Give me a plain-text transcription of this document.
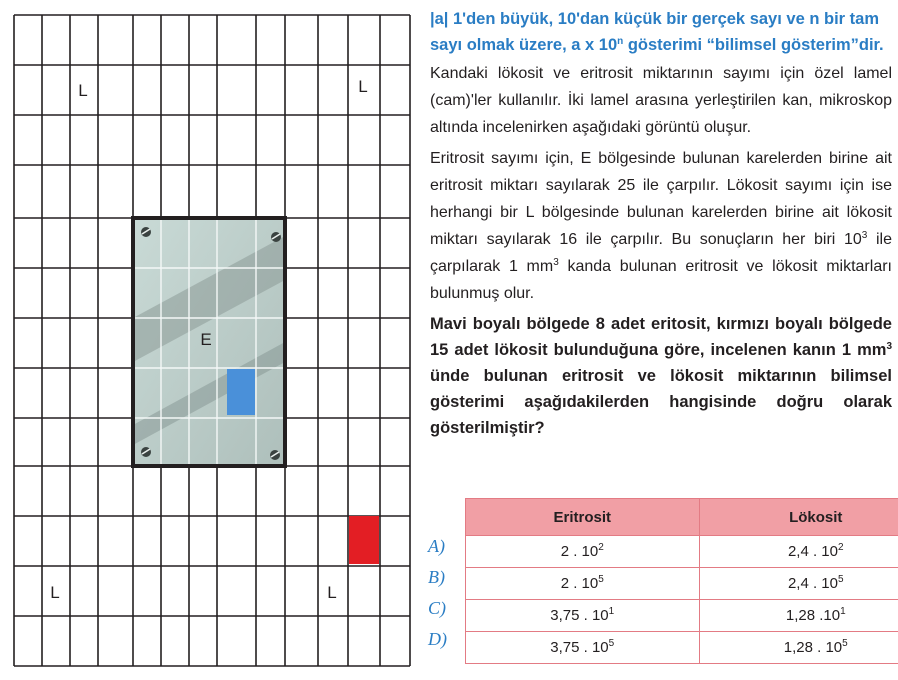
L	L
L	L
E

|a| 1'den büyük, 10'dan küçük bir gerçek sayı ve n bir tam sayı olmak üzere, a x 10$^n$ gösterimi “bilimsel gösterim”dir.

Kandaki lökosit ve eritrosit miktarının sayımı için özel lamel (cam)'ler kullanılır. İki lamel arasına yerleştirilen kan, mikroskop altında incelenirken aşağıdaki görüntü oluşur.

Eritrosit sayımı için, E bölgesinde bulunan karelerden birine ait eritrosit miktarı sayılarak 25 ile çarpılır. Lökosit sayımı için ise herhangi bir L bölgesinde bulunan karelerden birine ait lökosit miktarı sayılarak 16 ile çarpılır. Bu sonuçların her biri $10^3$ ile çarpılarak 1 $mm^3$ kanda bulunan eritrosit ve lökosit miktarları bulunmuş olur.

Mavi boyalı bölgede 8 adet eritosit, kırmızı boyalı bölgede 15 adet lökosit bulunduğuna göre, incelenen kanın 1 $mm^3$ ünde bulunan eritrosit ve lökosit miktarının bilimsel gösterimi aşağıdakilerden hangisinde doğru olarak gösterilmiştir?

Eritrosit	Lökosit
2 . $10^2$	2,4 . $10^2$
2 . $10^5$	2,4 . $10^5$
3,75 . $10^1$	1,28 $.10^1$
3,75 . $10^5$	1,28 . $10^5$
A)
B)
C)
D)
